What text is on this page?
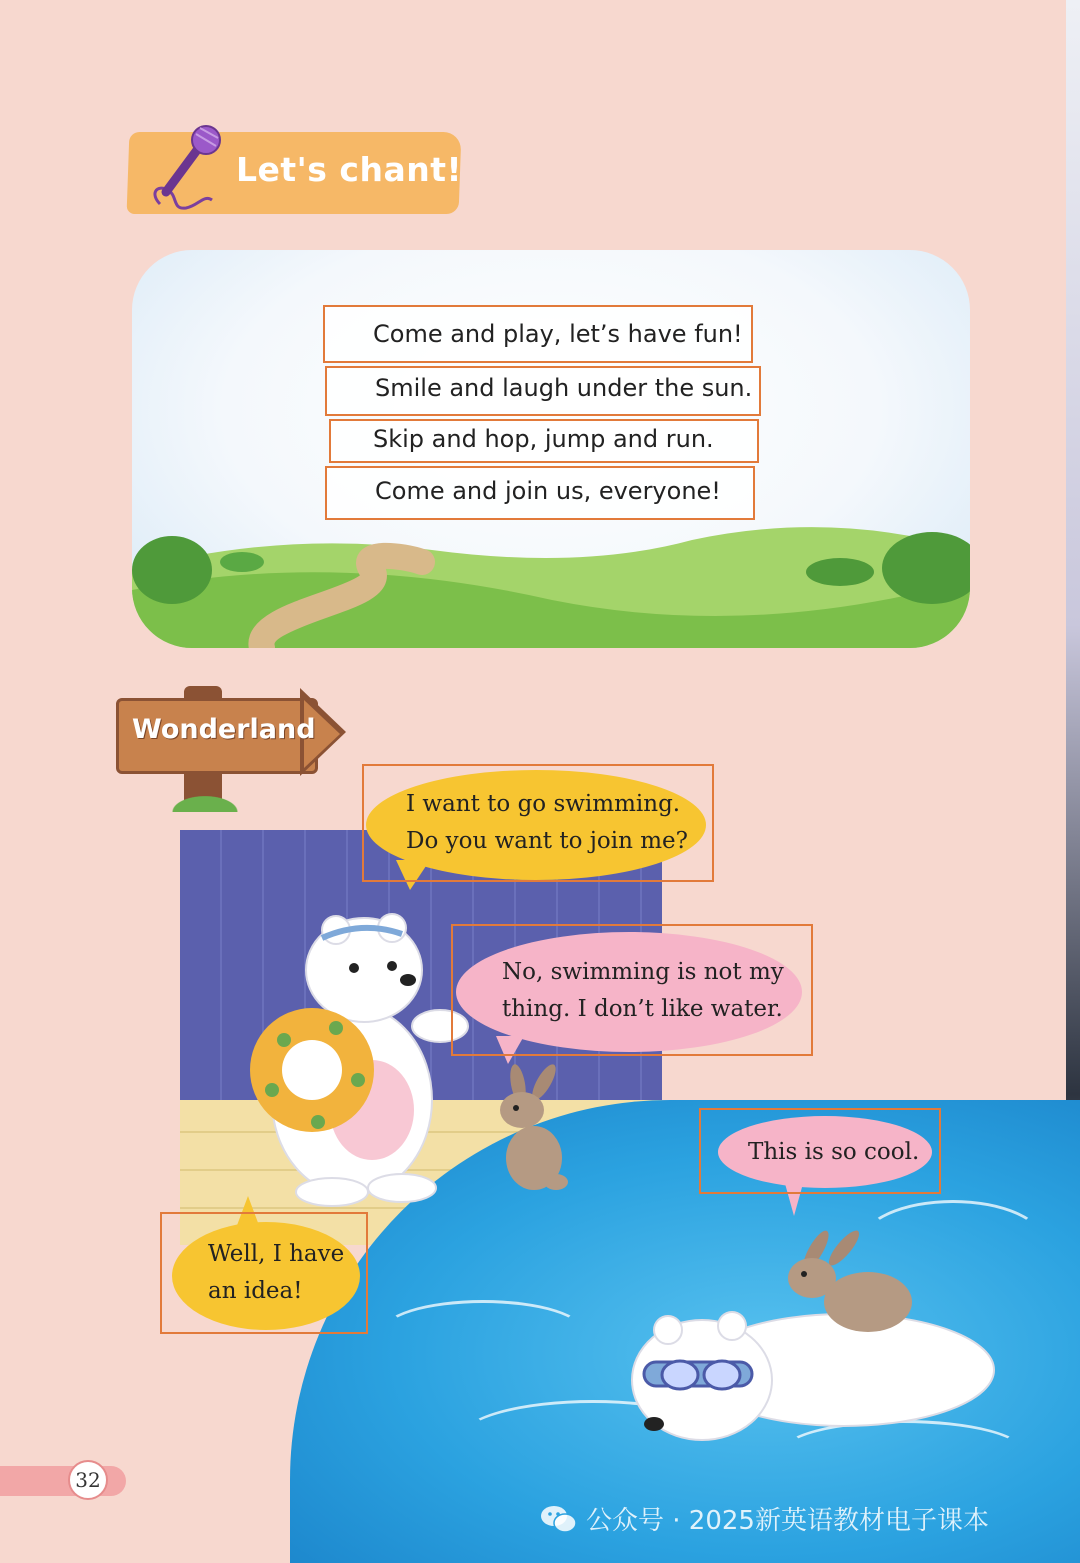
Let's chant!
Come and play, let’s have fun!
Smile and laugh under the sun.
Skip and hop, jump and run.
Come and join us, everyone!
Wonderland
I want to go swimming.
Do you want to join me?
No, swimming is not my
thing. I don’t like water.
This is so cool.
Well, I have
an idea!
32
公众号 · 2025新英语教材电子课本
